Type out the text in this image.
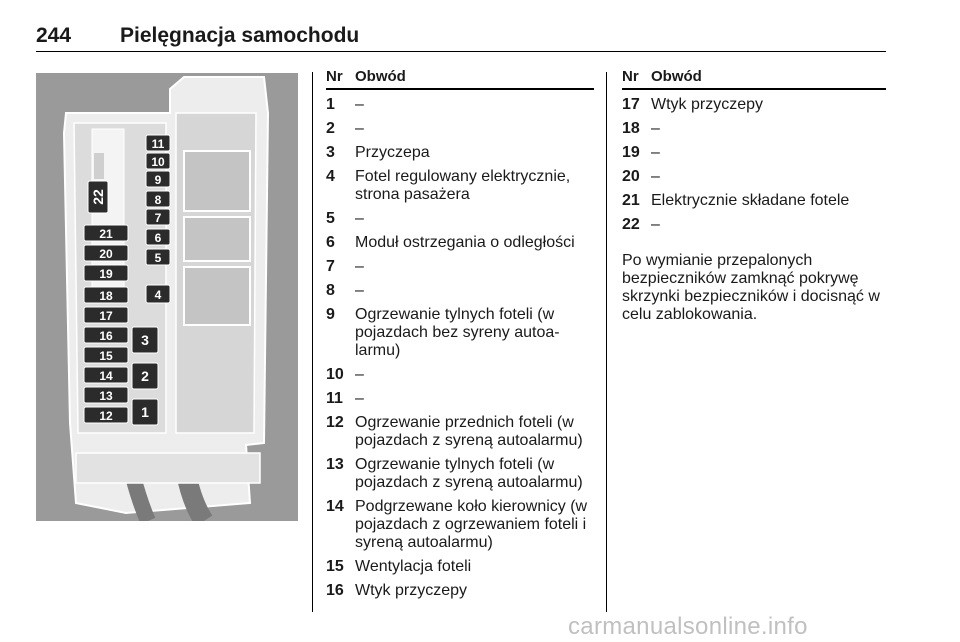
244 Pielęgnacja samochodu
1
2
3
4
5
6
7
8
9
10
11
12
13
14
15
16
17
18
19
20
21
22
Nr Obwód
1 –
2 –
3 Przyczepa
4 Fotel regulowany elektrycznie,
strona pasażera
5 –
6 Moduł ostrzegania o odległości
7 –
8 –
9 Ogrzewanie tylnych foteli (w
pojazdach bez syreny autoa-
larmu)
10 –
11 –
12 Ogrzewanie przednich foteli (w
pojazdach z syreną autoalarmu)
13 Ogrzewanie tylnych foteli (w
pojazdach z syreną autoalarmu)
14 Podgrzewane koło kierownicy (w
pojazdach z ogrzewaniem foteli i
syreną autoalarmu)
15 Wentylacja foteli
16 Wtyk przyczepy
Nr Obwód
17 Wtyk przyczepy
18 –
19 –
20 –
21 Elektrycznie składane fotele
22 –
Po wymianie przepalonych
bezpieczników zamknąć pokrywę
skrzynki bezpieczników i docisnąć w
celu zablokowania.
carmanualsonline.info
